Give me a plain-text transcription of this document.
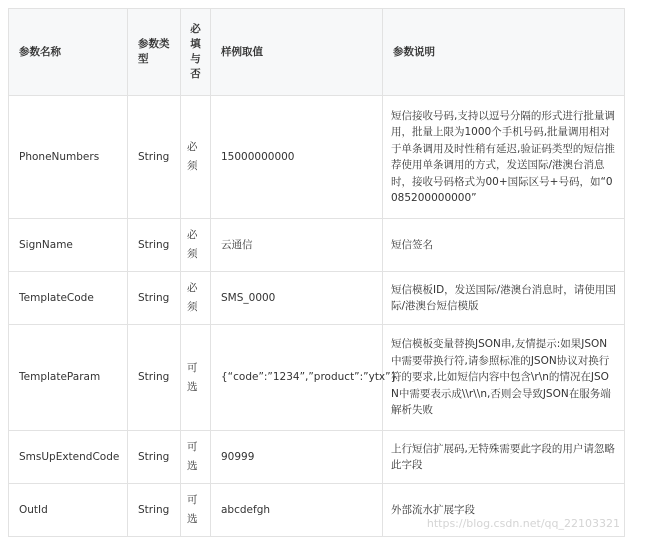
参数名称	参数类型	必填与否	样例取值	参数说明
PhoneNumbers	String	必须	15000000000	短信接收号码,支持以逗号分隔的形式进行批量调用，批量上限为1000个手机号码,批量调用相对于单条调用及时性稍有延迟,验证码类型的短信推荐使用单条调用的方式，发送国际/港澳台消息时，接收号码格式为00+国际区号+号码，如“0085200000000”
SignName	String	必须	云通信	短信签名
TemplateCode	String	必须	SMS_0000	短信模板ID，发送国际/港澳台消息时，请使用国际/港澳台短信模版
TemplateParam	String	可选	{“code”:”1234”,”product”:”ytx”}	短信模板变量替换JSON串,友情提示:如果JSON中需要带换行符,请参照标准的JSON协议对换行符的要求,比如短信内容中包含\r\n的情况在JSON中需要表示成\\r\\n,否则会导致JSON在服务端解析失败
SmsUpExtendCode	String	可选	90999	上行短信扩展码,无特殊需要此字段的用户请忽略此字段
OutId	String	可选	abcdefgh	外部流水扩展字段
https://blog.csdn.net/qq_22103321
